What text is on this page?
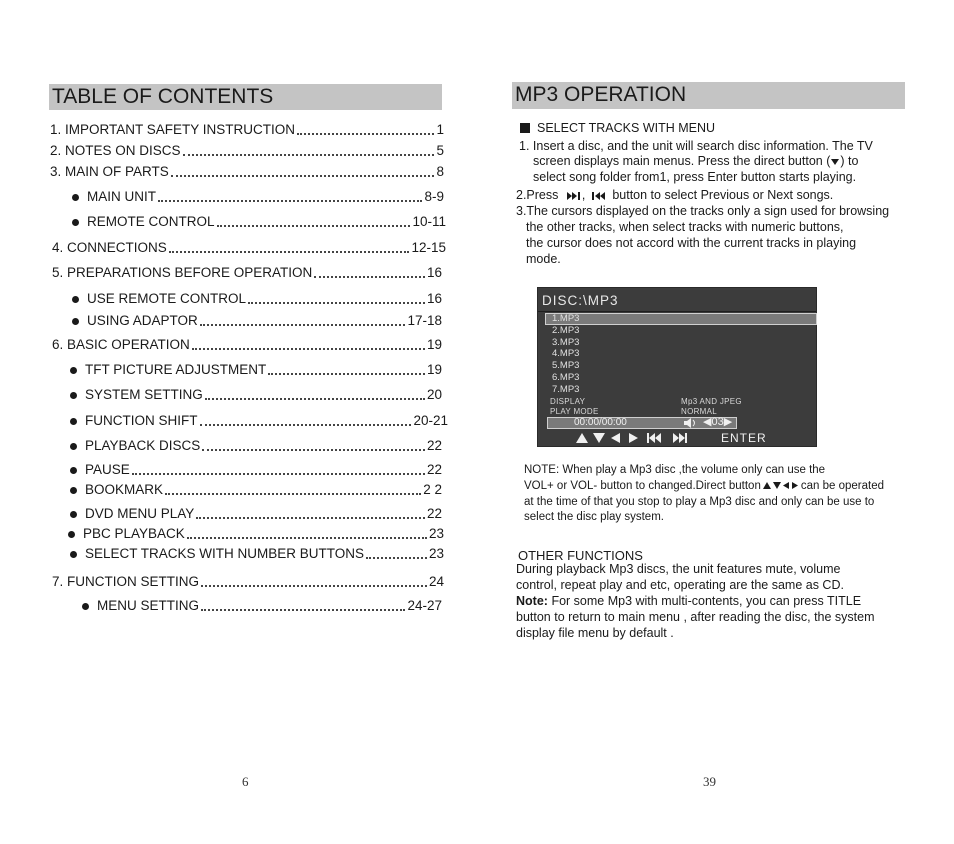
TABLE OF CONTENTS
1. IMPORTANT SAFETY INSTRUCTION	1
2. NOTES ON DISCS	5
3. MAIN OF PARTS	8
MAIN UNIT	8-9
REMOTE CONTROL	10-11
4. CONNECTIONS	12-15
5. PREPARATIONS BEFORE OPERATION	16
USE REMOTE CONTROL	16
USING ADAPTOR	17-18
6. BASIC OPERATION	19
TFT PICTURE ADJUSTMENT	19
SYSTEM SETTING	20
FUNCTION SHIFT	20-21
PLAYBACK DISCS	22
PAUSE	22
BOOKMARK	2 2
DVD MENU PLAY	22
PBC PLAYBACK	23
SELECT TRACKS WITH NUMBER BUTTONS	23
7. FUNCTION SETTING	24
MENU SETTING	24-27
6
MP3 OPERATION
SELECT TRACKS WITH MENU
1. Insert a disc, and the unit will search disc information. The TV
screen displays main menus. Press the direct button ( ) to
select song folder from1, press Enter button starts playing.
2.Press , button to select Previous or Next songs.
3.The cursors displayed on the tracks only a sign used for browsing
the other tracks, when select tracks with numeric buttons,
the cursor does not accord with the current tracks in playing
mode.
DISC:\MP3
1.MP3
2.MP3
3.MP3
4.MP3
5.MP3
6.MP3
7.MP3
DISPLAY	Mp3 AND JPEG
PLAY MODE	NORMAL
00:00/00:00	◀03▶
ENTER
NOTE: When play a Mp3 disc ,the volume only can use the
VOL+ or VOL- button to changed.Direct button	can be operated
at the time of that you stop to play a Mp3 disc and only can be use to
select the disc play system.
OTHER FUNCTIONS
During playback Mp3 discs, the unit features mute, volume
control, repeat play and etc, operating are the same as CD.
Note: For some Mp3 with multi-contents, you can press TITLE
button to return to main menu , after reading the disc, the system
display file menu by default .
39
